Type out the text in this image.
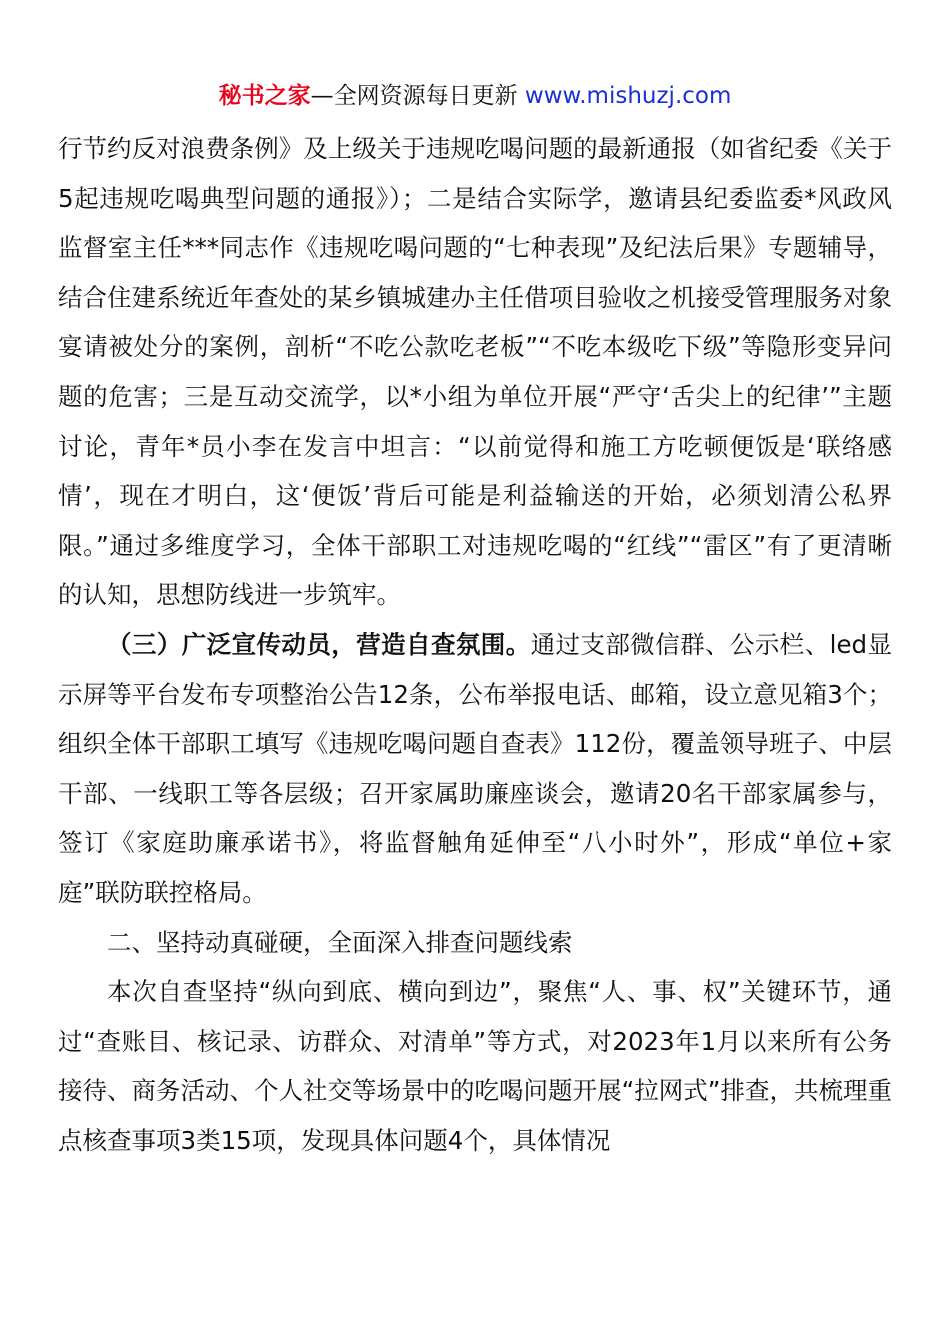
秘书之家—全网资源每日更新 www.mishuzj.com

行节约反对浪费条例》及上级关于违规吃喝问题的最新通报（如省纪委《关于5起违规吃喝典型问题的通报》）；二是结合实际学，邀请县纪委监委*风政风监督室主任***同志作《违规吃喝问题的“七种表现”及纪法后果》专题辅导，结合住建系统近年查处的某乡镇城建办主任借项目验收之机接受管理服务对象宴请被处分的案例，剖析“不吃公款吃老板”“不吃本级吃下级”等隐形变异问题的危害；三是互动交流学，以*小组为单位开展“严守‘舌尖上的纪律’”主题讨论，青年*员小李在发言中坦言：“以前觉得和施工方吃顿便饭是‘联络感情’，现在才明白，这‘便饭’背后可能是利益输送的开始，必须划清公私界限。”通过多维度学习，全体干部职工对违规吃喝的“红线”“雷区”有了更清晰的认知，思想防线进一步筑牢。

（三）广泛宣传动员，营造自查氛围。通过支部微信群、公示栏、led显示屏等平台发布专项整治公告12条，公布举报电话、邮箱，设立意见箱3个；组织全体干部职工填写《违规吃喝问题自查表》112份，覆盖领导班子、中层干部、一线职工等各层级；召开家属助廉座谈会，邀请20名干部家属参与，签订《家庭助廉承诺书》，将监督触角延伸至“八小时外”，形成“单位+家庭”联防联控格局。

二、坚持动真碰硬，全面深入排查问题线索

本次自查坚持“纵向到底、横向到边”，聚焦“人、事、权”关键环节，通过“查账目、核记录、访群众、对清单”等方式，对2023年1月以来所有公务接待、商务活动、个人社交等场景中的吃喝问题开展“拉网式”排查，共梳理重点核查事项3类15项，发现具体问题4个，具体情况
